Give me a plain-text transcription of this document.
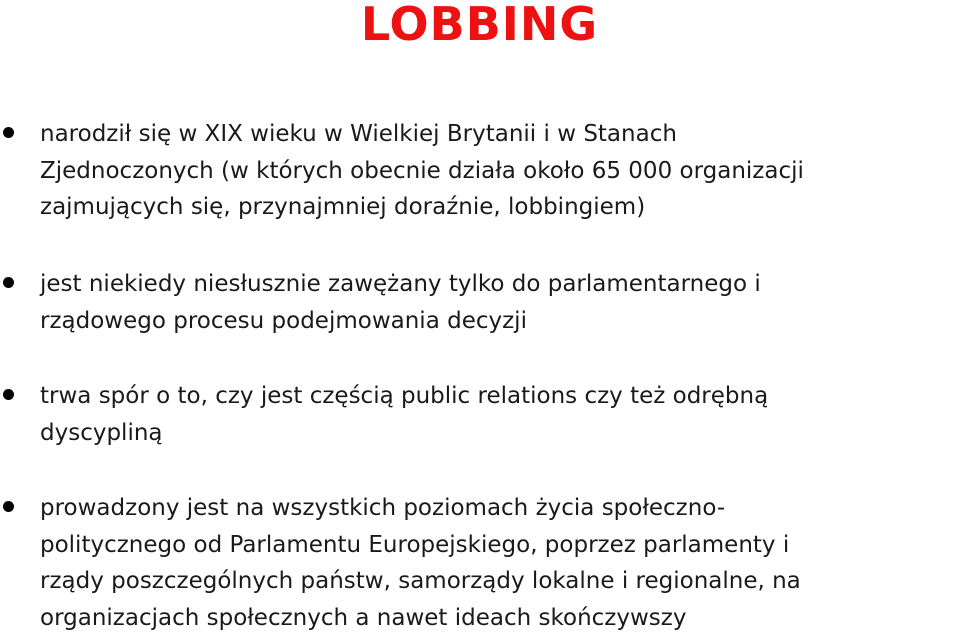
LOBBING

narodził się w XIX wieku w Wielkiej Brytanii i w Stanach
Zjednoczonych (w których obecnie działa około 65 000 organizacji
zajmujących się, przynajmniej doraźnie, lobbingiem)

jest niekiedy niesłusznie zawężany tylko do parlamentarnego i
rządowego procesu podejmowania decyzji

trwa spór o to, czy jest częścią public relations czy też odrębną
dyscypliną

prowadzony jest na wszystkich poziomach życia społeczno-
politycznego od Parlamentu Europejskiego, poprzez parlamenty i
rządy poszczególnych państw, samorządy lokalne i regionalne, na
organizacjach społecznych a nawet ideach skończywszy
